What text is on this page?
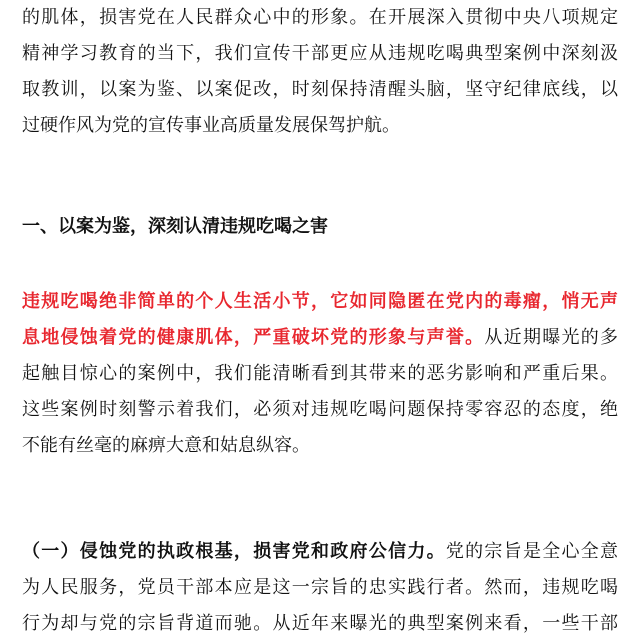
的肌体，损害党在人民群众心中的形象。在开展深入贯彻中央八项规定
精神学习教育的当下，我们宣传干部更应从违规吃喝典型案例中深刻汲
取教训，以案为鉴、以案促改，时刻保持清醒头脑，坚守纪律底线，以
过硬作风为党的宣传事业高质量发展保驾护航。
一、以案为鉴，深刻认清违规吃喝之害
违规吃喝绝非简单的个人生活小节，它如同隐匿在党内的毒瘤，悄无声
息地侵蚀着党的健康肌体，严重破坏党的形象与声誉。从近期曝光的多
起触目惊心的案例中，我们能清晰看到其带来的恶劣影响和严重后果。
这些案例时刻警示着我们，必须对违规吃喝问题保持零容忍的态度，绝
不能有丝毫的麻痹大意和姑息纵容。
（一）侵蚀党的执政根基，损害党和政府公信力。党的宗旨是全心全意
为人民服务，党员干部本应是这一宗旨的忠实践行者。然而，违规吃喝
行为却与党的宗旨背道而驰。从近年来曝光的典型案例来看，一些干部
